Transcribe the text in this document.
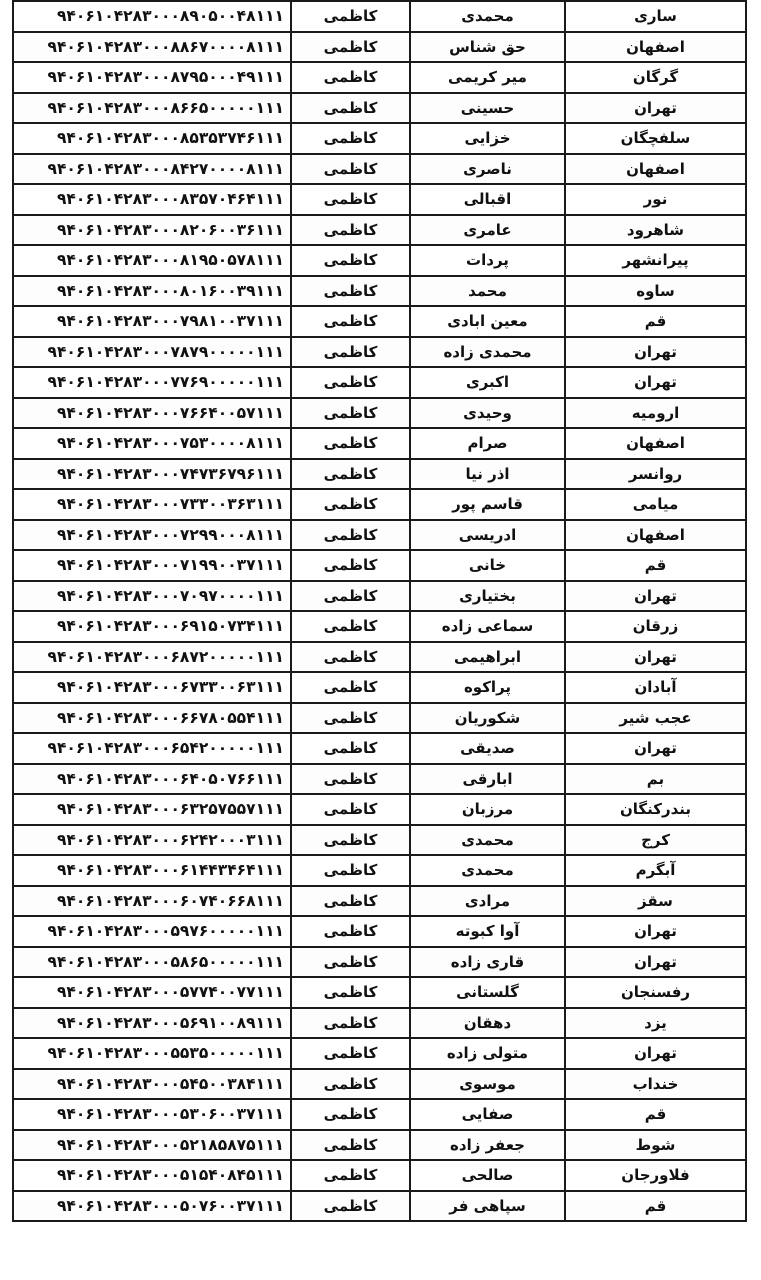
۹۴۰۶۱۰۴۲۸۳۰۰۰۸۹۰۵۰۰۴۸۱۱۱	کاظمی	محمدی	ساری
۹۴۰۶۱۰۴۲۸۳۰۰۰۸۸۶۷۰۰۰۰۸۱۱۱	کاظمی	حق شناس	اصفهان
۹۴۰۶۱۰۴۲۸۳۰۰۰۸۷۹۵۰۰۰۴۹۱۱۱	کاظمی	میر کریمی	گرگان
۹۴۰۶۱۰۴۲۸۳۰۰۰۸۶۶۵۰۰۰۰۰۱۱۱	کاظمی	حسینی	تهران
۹۴۰۶۱۰۴۲۸۳۰۰۰۸۵۳۵۳۷۴۶۱۱۱	کاظمی	خزایی	سلفچگان
۹۴۰۶۱۰۴۲۸۳۰۰۰۸۴۲۷۰۰۰۰۸۱۱۱	کاظمی	ناصری	اصفهان
۹۴۰۶۱۰۴۲۸۳۰۰۰۸۳۵۷۰۴۶۴۱۱۱	کاظمی	اقبالی	نور
۹۴۰۶۱۰۴۲۸۳۰۰۰۸۲۰۶۰۰۳۶۱۱۱	کاظمی	عامری	شاهرود
۹۴۰۶۱۰۴۲۸۳۰۰۰۸۱۹۵۰۵۷۸۱۱۱	کاظمی	پردات	پیرانشهر
۹۴۰۶۱۰۴۲۸۳۰۰۰۸۰۱۶۰۰۳۹۱۱۱	کاظمی	محمد	ساوه
۹۴۰۶۱۰۴۲۸۳۰۰۰۷۹۸۱۰۰۳۷۱۱۱	کاظمی	معین ابادی	قم
۹۴۰۶۱۰۴۲۸۳۰۰۰۷۸۷۹۰۰۰۰۰۱۱۱	کاظمی	محمدی زاده	تهران
۹۴۰۶۱۰۴۲۸۳۰۰۰۷۷۶۹۰۰۰۰۰۱۱۱	کاظمی	اکبری	تهران
۹۴۰۶۱۰۴۲۸۳۰۰۰۷۶۶۴۰۰۵۷۱۱۱	کاظمی	وحیدی	ارومیه
۹۴۰۶۱۰۴۲۸۳۰۰۰۷۵۳۰۰۰۰۸۱۱۱	کاظمی	صرام	اصفهان
۹۴۰۶۱۰۴۲۸۳۰۰۰۷۴۷۳۶۷۹۶۱۱۱	کاظمی	اذر نیا	روانسر
۹۴۰۶۱۰۴۲۸۳۰۰۰۷۳۳۰۰۳۶۳۱۱۱	کاظمی	قاسم پور	میامی
۹۴۰۶۱۰۴۲۸۳۰۰۰۷۲۹۹۰۰۰۸۱۱۱	کاظمی	ادریسی	اصفهان
۹۴۰۶۱۰۴۲۸۳۰۰۰۷۱۹۹۰۰۳۷۱۱۱	کاظمی	خانی	قم
۹۴۰۶۱۰۴۲۸۳۰۰۰۷۰۹۷۰۰۰۰۱۱۱	کاظمی	بختیاری	تهران
۹۴۰۶۱۰۴۲۸۳۰۰۰۶۹۱۵۰۷۳۴۱۱۱	کاظمی	سماعی زاده	زرقان
۹۴۰۶۱۰۴۲۸۳۰۰۰۶۸۷۲۰۰۰۰۰۱۱۱	کاظمی	ابراهیمی	تهران
۹۴۰۶۱۰۴۲۸۳۰۰۰۶۷۳۳۰۰۶۳۱۱۱	کاظمی	پراکوه	آبادان
۹۴۰۶۱۰۴۲۸۳۰۰۰۶۶۷۸۰۵۵۴۱۱۱	کاظمی	شکوریان	عجب شیر
۹۴۰۶۱۰۴۲۸۳۰۰۰۶۵۴۲۰۰۰۰۰۱۱۱	کاظمی	صدیقی	تهران
۹۴۰۶۱۰۴۲۸۳۰۰۰۶۴۰۵۰۷۶۶۱۱۱	کاظمی	ابارقی	بم
۹۴۰۶۱۰۴۲۸۳۰۰۰۶۳۲۵۷۵۵۷۱۱۱	کاظمی	مرزبان	بندرکنگان
۹۴۰۶۱۰۴۲۸۳۰۰۰۶۲۴۲۰۰۰۳۱۱۱	کاظمی	محمدی	کرج
۹۴۰۶۱۰۴۲۸۳۰۰۰۶۱۴۴۳۴۶۴۱۱۱	کاظمی	محمدی	آبگرم
۹۴۰۶۱۰۴۲۸۳۰۰۰۶۰۷۴۰۶۶۸۱۱۱	کاظمی	مرادی	سقز
۹۴۰۶۱۰۴۲۸۳۰۰۰۵۹۷۶۰۰۰۰۰۱۱۱	کاظمی	آوا کبوته	تهران
۹۴۰۶۱۰۴۲۸۳۰۰۰۵۸۶۵۰۰۰۰۰۱۱۱	کاظمی	قاری زاده	تهران
۹۴۰۶۱۰۴۲۸۳۰۰۰۵۷۷۴۰۰۷۷۱۱۱	کاظمی	گلستانی	رفسنجان
۹۴۰۶۱۰۴۲۸۳۰۰۰۵۶۹۱۰۰۸۹۱۱۱	کاظمی	دهقان	یزد
۹۴۰۶۱۰۴۲۸۳۰۰۰۵۵۳۵۰۰۰۰۰۱۱۱	کاظمی	متولی زاده	تهران
۹۴۰۶۱۰۴۲۸۳۰۰۰۵۴۵۰۰۳۸۴۱۱۱	کاظمی	موسوی	خنداب
۹۴۰۶۱۰۴۲۸۳۰۰۰۵۳۰۶۰۰۳۷۱۱۱	کاظمی	صفایی	قم
۹۴۰۶۱۰۴۲۸۳۰۰۰۵۲۱۸۵۸۷۵۱۱۱	کاظمی	جعفر زاده	شوط
۹۴۰۶۱۰۴۲۸۳۰۰۰۵۱۵۴۰۸۴۵۱۱۱	کاظمی	صالحی	فلاورجان
۹۴۰۶۱۰۴۲۸۳۰۰۰۵۰۷۶۰۰۳۷۱۱۱	کاظمی	سپاهی فر	قم
